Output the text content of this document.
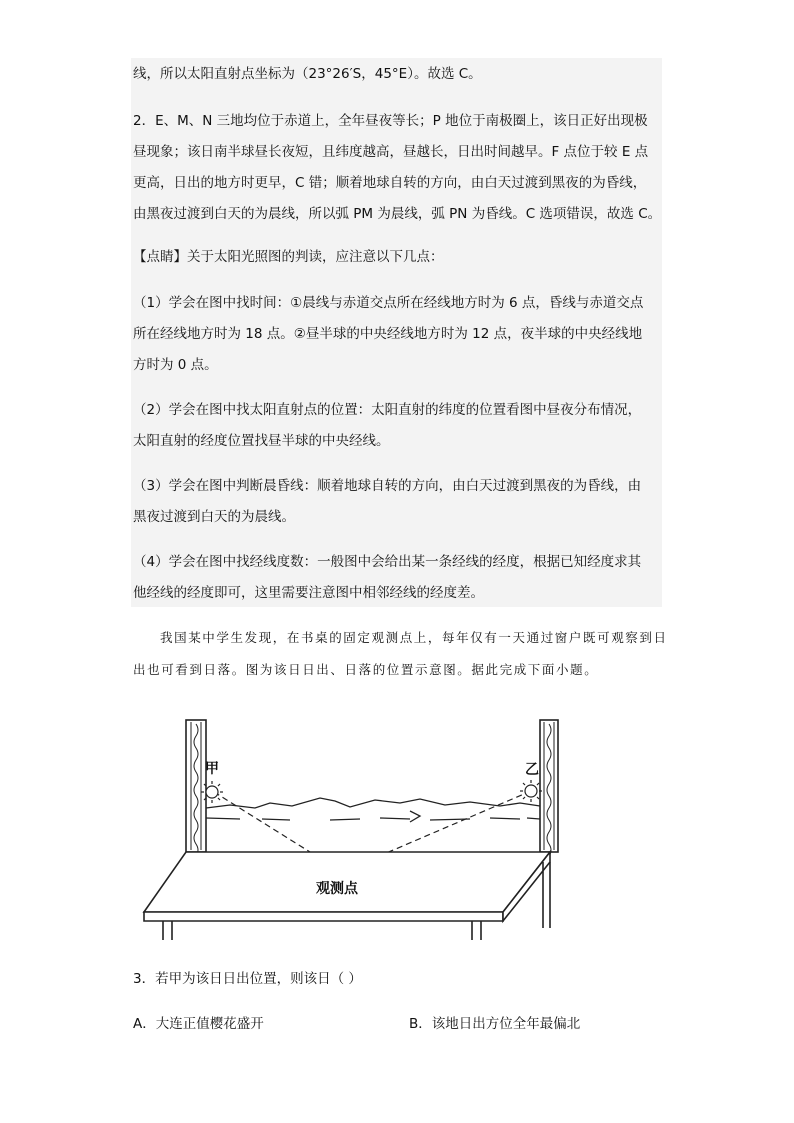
线，所以太阳直射点坐标为（23°26′S，45°E）。故选 C。
2．E、M、N 三地均位于赤道上，全年昼夜等长；P 地位于南极圈上，该日正好出现极
昼现象；该日南半球昼长夜短，且纬度越高，昼越长，日出时间越早。F 点位于较 E 点
更高，日出的地方时更早，C 错；顺着地球自转的方向，由白天过渡到黑夜的为昏线，
由黑夜过渡到白天的为晨线，所以弧 PM 为晨线，弧 PN 为昏线。C 选项错误，故选 C。
【点睛】关于太阳光照图的判读，应注意以下几点：
（1）学会在图中找时间：①晨线与赤道交点所在经线地方时为 6 点，昏线与赤道交点
所在经线地方时为 18 点。②昼半球的中央经线地方时为 12 点，夜半球的中央经线地
方时为 0 点。
（2）学会在图中找太阳直射点的位置：太阳直射的纬度的位置看图中昼夜分布情况，
太阳直射的经度位置找昼半球的中央经线。
（3）学会在图中判断晨昏线：顺着地球自转的方向，由白天过渡到黑夜的为昏线，由
黑夜过渡到白天的为晨线。
（4）学会在图中找经线度数：一般图中会给出某一条经线的经度，根据已知经度求其
他经线的经度即可，这里需要注意图中相邻经线的经度差。
我国某中学生发现，在书桌的固定观测点上，每年仅有一天通过窗户既可观察到日
出也可看到日落。图为该日日出、日落的位置示意图。据此完成下面小题。
甲	乙
观测点
3．若甲为该日日出位置，则该日（ ）
A．大连正值樱花盛开	B．该地日出方位全年最偏北
